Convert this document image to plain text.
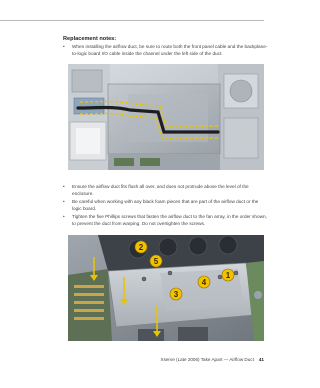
Replacement notes:
• When installing the airflow duct, be sure to route both the front panel cable and the backplane-to-logic board I/O cable inside the channel under the left side of the duct.
• Ensure the airflow duct fits flush all over, and does not protrude above the level of the enclosure.
• Be careful when working with any black foam pieces that are part of the airflow duct or the logic board.
• Tighten the five Phillips screws that fasten the airflow duct to the fan array, in the order shown, to prevent the duct from warping. Do not overtighten the screws.
1
2
3
4
5
Xserve (Late 2006) Take Apart — Airflow Duct 41
